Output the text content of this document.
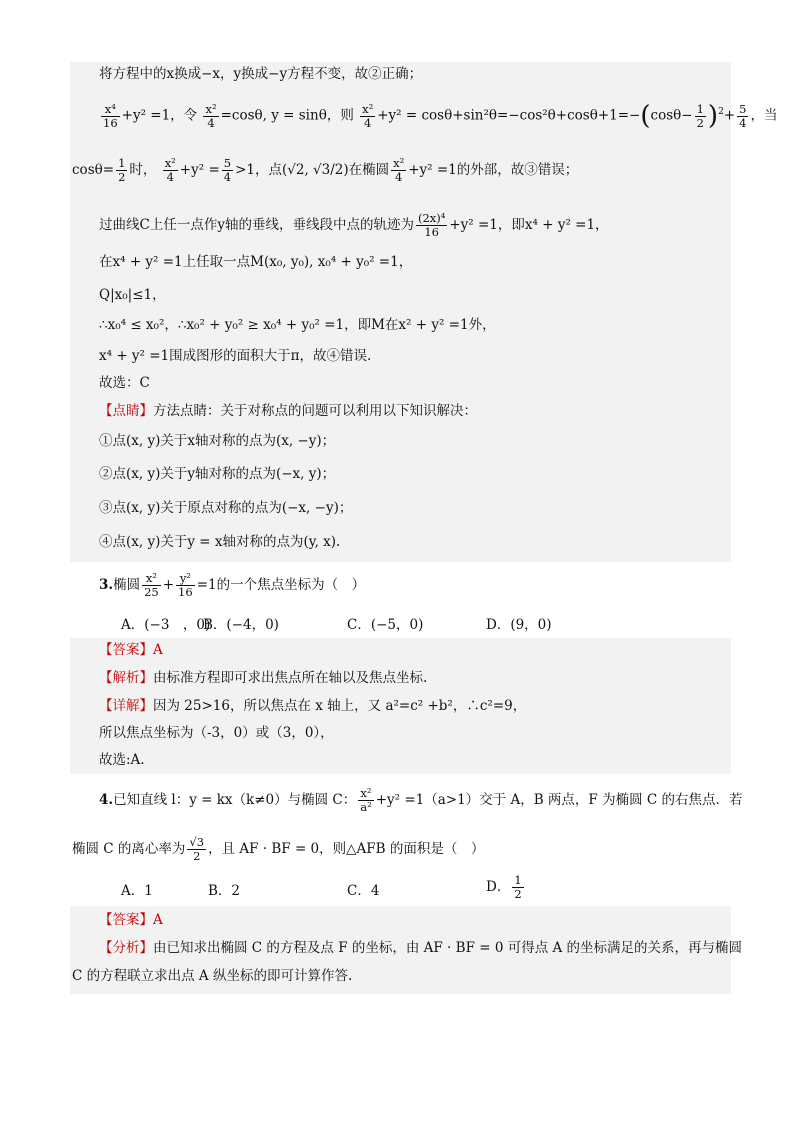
将方程中的x换成−x，y换成−y方程不变，故②正确；
$\frac{\text{x⁴}}{16} +y^2 =1$，令 $\frac{\text{x²}}{4} =\cos\theta$, y = sinθ，则 $\frac{\text{x²}}{4} +y^2 = \cos\theta+\sin^2\theta=-\cos^2\theta+\cos\theta+1=-(\cos\theta- \frac{1}{2} )^2+ \frac{5}{4}$ ，当
$\cos\theta= \frac{1}{2}$ 时， $\frac{\text{x²}}{4} +y^2 = \frac{5}{4} >1$，点(√2, √3/2)在椭圆 $\frac{\text{x²}}{4} +y^2 =1$的外部，故③错误；
过曲线C上任一点作y轴的垂线，垂线段中点的轨迹为 $\frac{\text{(2x)⁴}}{16} +y^2 =1$，即x⁴ + y² =1，
在x⁴ + y² =1上任取一点M(x₀, y₀), x₀⁴ + y₀² =1，
Q|x₀|≤1，
∴x₀⁴ ≤ x₀²，∴x₀² + y₀² ≥ x₀⁴ + y₀² =1，即M在x² + y² =1外，
x⁴ + y² =1围成图形的面积大于π，故④错误.
故选：C
【点睛】方法点睛：关于对称点的问题可以利用以下知识解决：
①点(x, y)关于x轴对称的点为(x, −y)；
②点(x, y)关于y轴对称的点为(−x, y)；
③点(x, y)关于原点对称的点为(−x, −y)；
④点(x, y)关于y = x轴对称的点为(y, x).
3.椭圆 $\frac{\text{x²}}{25} + \frac{\text{y²}}{16} =1$的一个焦点坐标为（　）
A．(−3　，0)
B．(−4，0)	C．(−5，0)	D．(9，0)
【答案】A
【解析】由标准方程即可求出焦点所在轴以及焦点坐标.
【详解】因为 25>16，所以焦点在 x 轴上，又 a²=c² +b²，∴c²=9，
所以焦点坐标为（-3，0）或（3，0），
故选:A.
4.已知直线 l：y = kx（k≠0）与椭圆 C： $\frac{\text{x²}}{\text{a²}} +y^2 =1(a>1)$交于 A，B 两点，F 为椭圆 C 的右焦点．若
椭圆 C 的离心率为 $\frac{√3}{2}$ ，且 AF · BF = 0，则△AFB 的面积是（　）
A．1	B．2	C．4	D． $\frac{1}{2}$
【答案】A
【分析】由已知求出椭圆 C 的方程及点 F 的坐标，由 AF · BF = 0 可得点 A 的坐标满足的关系，再与椭圆
C 的方程联立求出点 A 纵坐标的即可计算作答.
